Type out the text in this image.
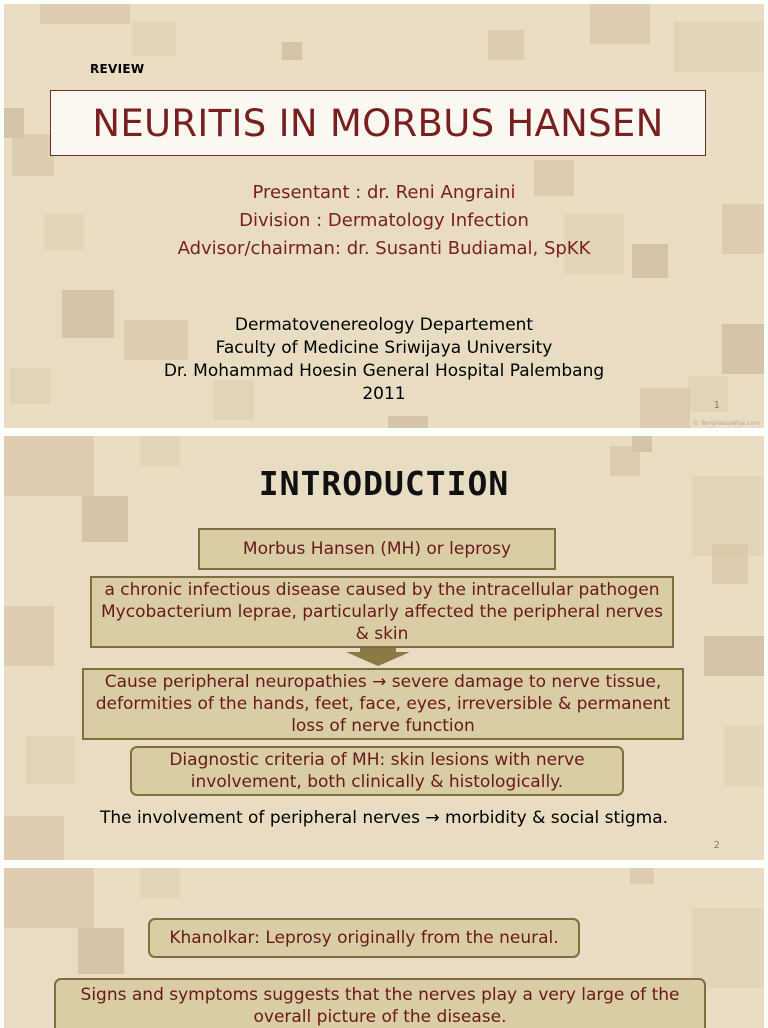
REVIEW
NEURITIS IN MORBUS HANSEN
Presentant : dr. Reni Angraini
Division : Dermatology Infection
Advisor/chairman: dr. Susanti Budiamal, SpKK
Dermatovenereology Departement
Faculty of Medicine Sriwijaya University
Dr. Mohammad Hoesin General Hospital Palembang
2011
1
© TemplatesWise.com
INTRODUCTION
Morbus Hansen (MH) or leprosy
a chronic infectious disease caused by the intracellular pathogen Mycobacterium leprae, particularly affected the peripheral nerves & skin
Cause peripheral neuropathies → severe damage to nerve tissue, deformities of the hands, feet, face, eyes, irreversible & permanent loss of nerve function
Diagnostic criteria of MH: skin lesions with nerve involvement, both clinically & histologically.
The involvement of peripheral nerves → morbidity & social stigma.
2
Khanolkar: Leprosy originally from the neural.
Signs and symptoms suggests that the nerves play a very large of the overall picture of the disease.
